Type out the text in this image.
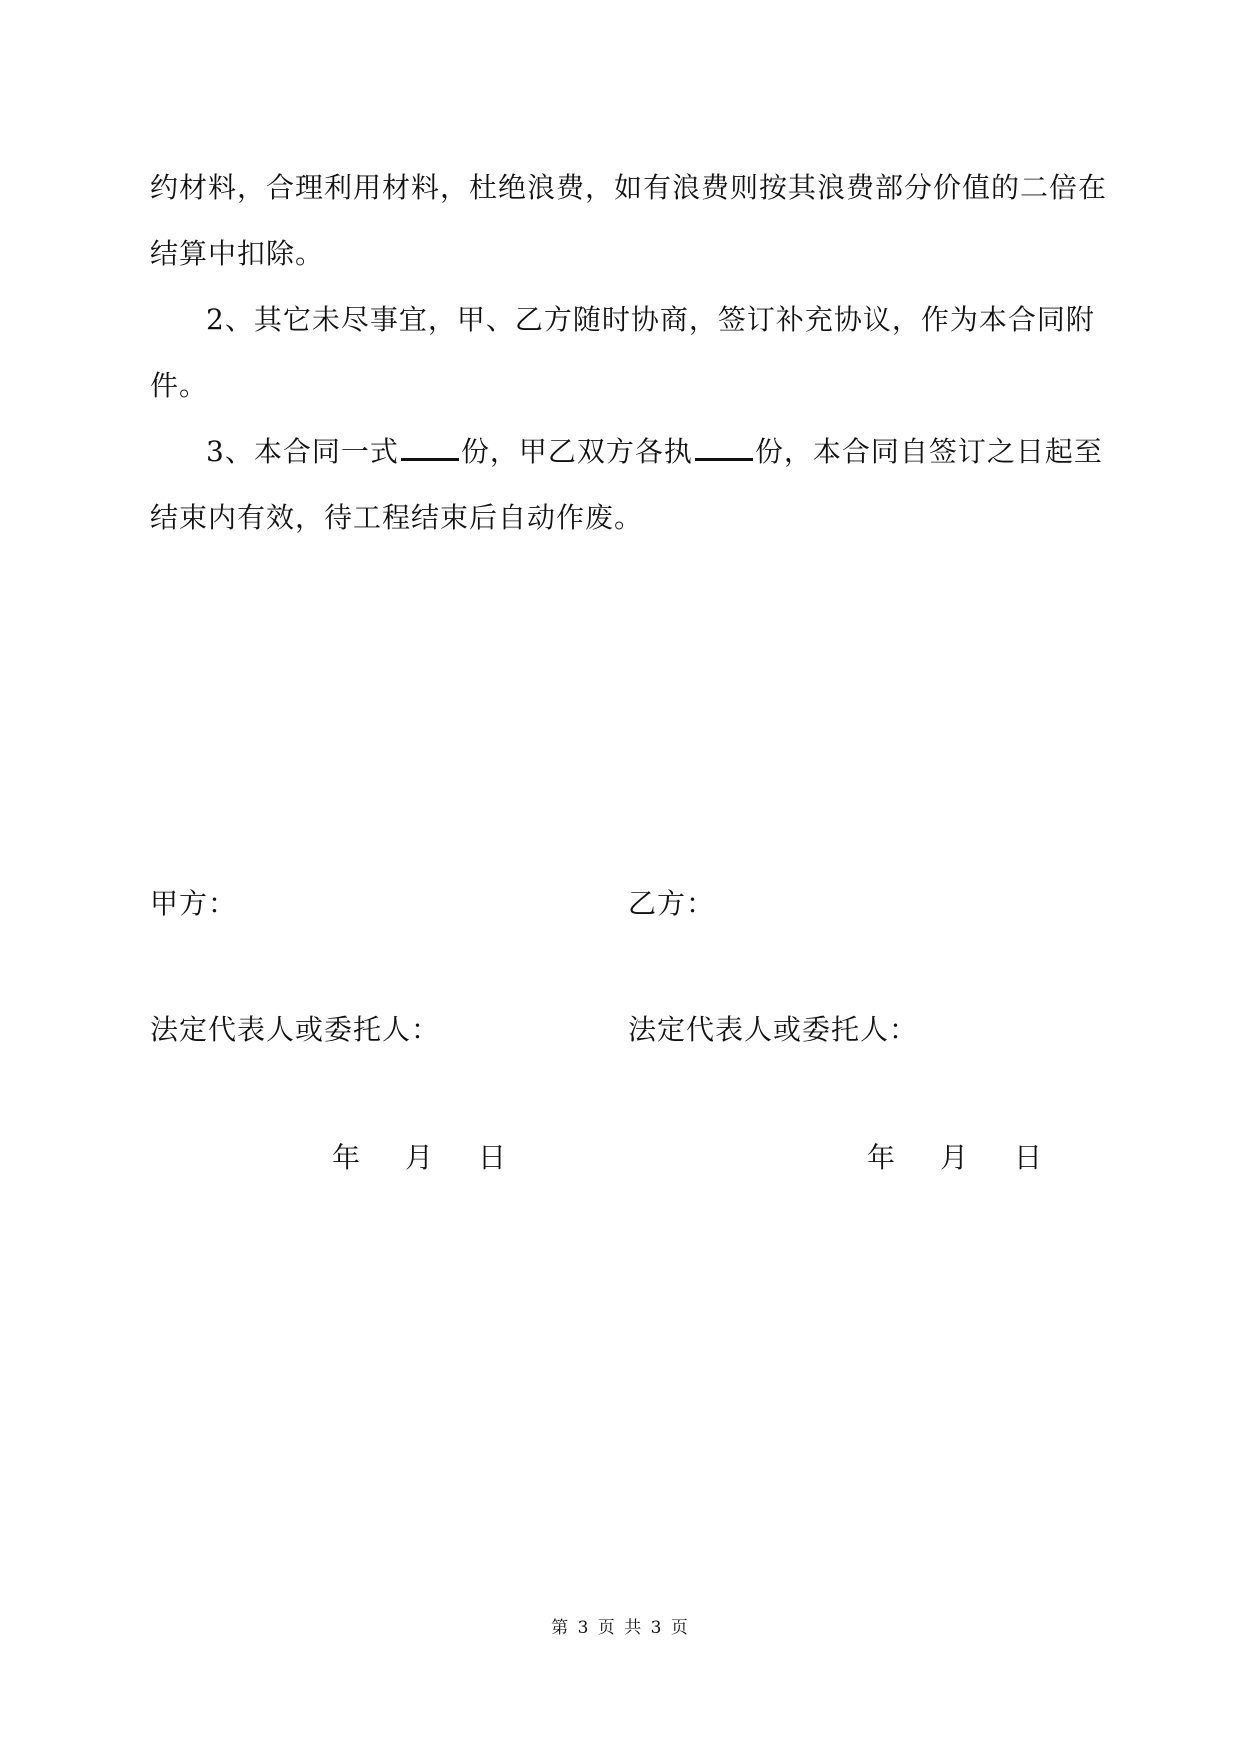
约材料，合理利用材料，杜绝浪费，如有浪费则按其浪费部分价值的二倍在
结算中扣除。
2、其它未尽事宜，甲、乙方随时协商，签订补充协议，作为本合同附
件。
3、本合同一式 份，甲乙双方各执 份，本合同自签订之日起至
结束内有效，待工程结束后自动作废。
甲方：	乙方：
法定代表人或委托人：	法定代表人或委托人：
年 月 日	年 月 日
第 3 页 共 3 页
